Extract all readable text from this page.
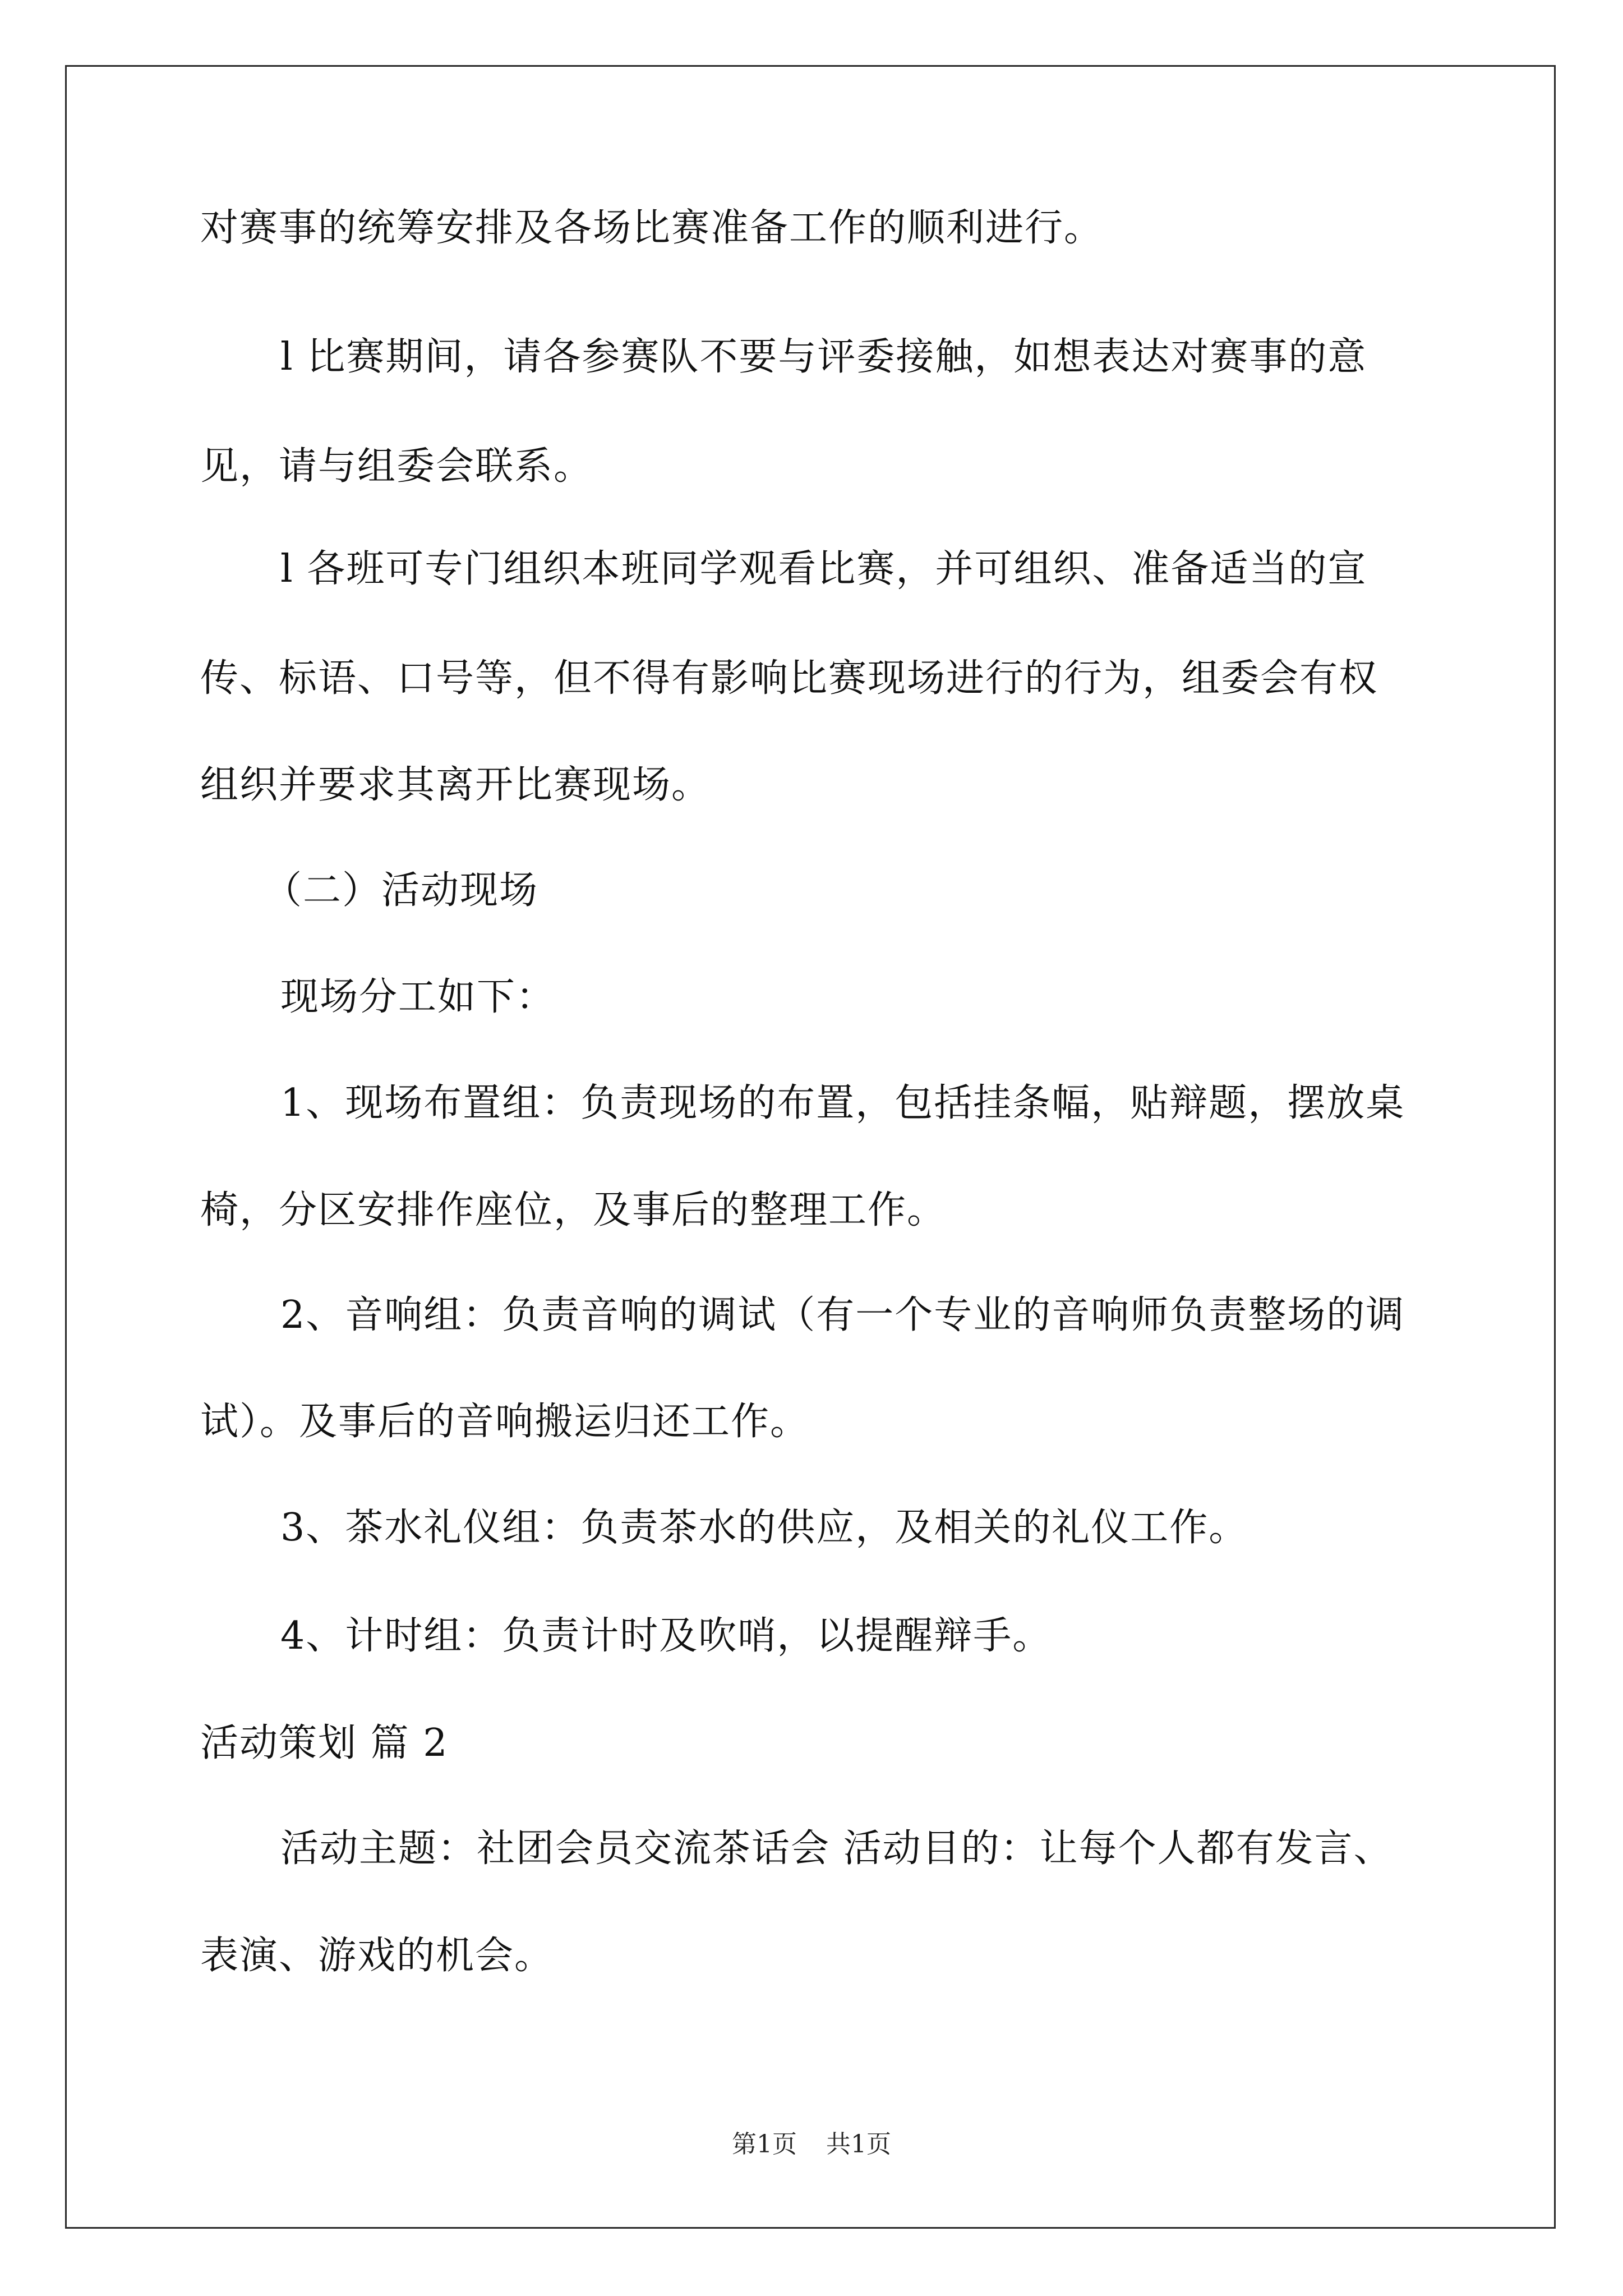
对赛事的统筹安排及各场比赛准备工作的顺利进行。
l 比赛期间，请各参赛队不要与评委接触，如想表达对赛事的意
见，请与组委会联系。
l 各班可专门组织本班同学观看比赛，并可组织、准备适当的宣
传、标语、口号等，但不得有影响比赛现场进行的行为，组委会有权
组织并要求其离开比赛现场。
（二）活动现场
现场分工如下：
1、现场布置组：负责现场的布置，包括挂条幅，贴辩题，摆放桌
椅，分区安排作座位，及事后的整理工作。
2、音响组：负责音响的调试（有一个专业的音响师负责整场的调
试）。及事后的音响搬运归还工作。
3、茶水礼仪组：负责茶水的供应，及相关的礼仪工作。
4、计时组：负责计时及吹哨，以提醒辩手。
活动策划 篇 2
活动主题：社团会员交流茶话会 活动目的：让每个人都有发言、
表演、游戏的机会。
第1页 共1页
